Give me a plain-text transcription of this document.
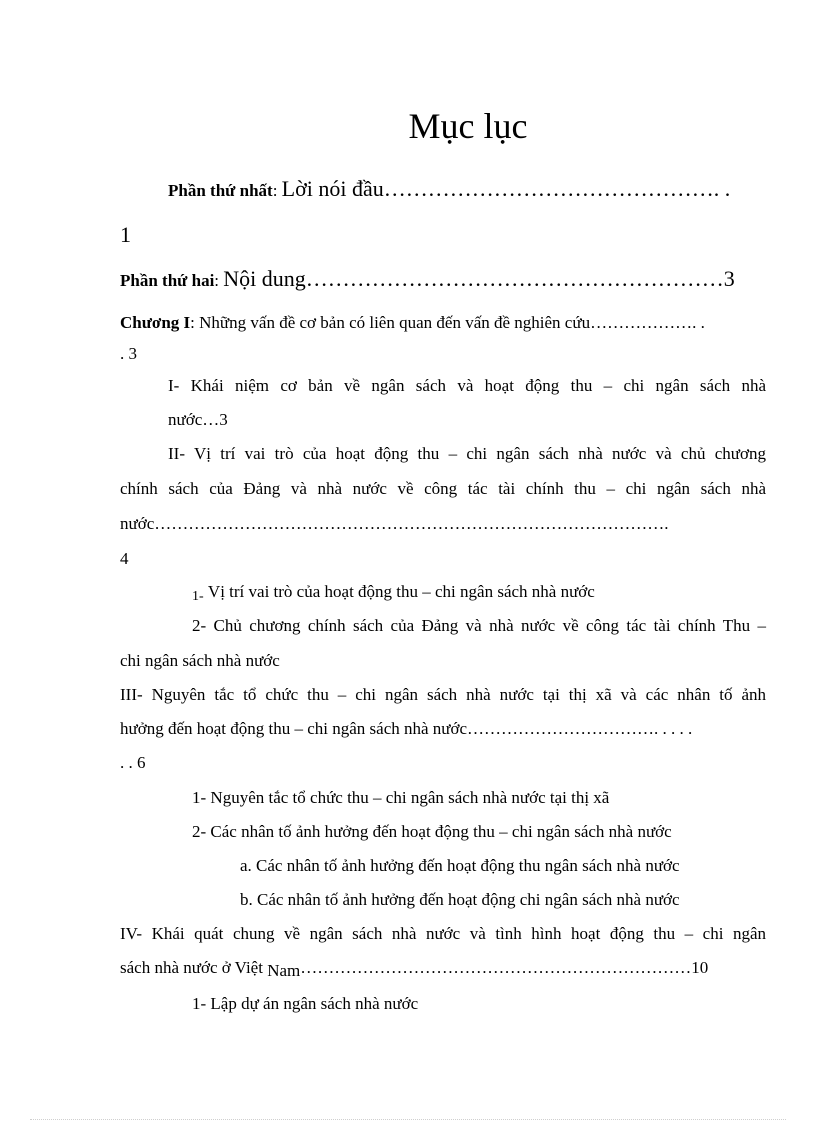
Mục lục
Phần thứ nhất: Lời nói đầu………………………………………. .
1
Phần thứ hai: Nội dung…………………………………………………3
Chương I: Những vấn đề cơ bản có liên quan đến vấn đề nghiên cứu………………. .
. 3
I- Khái niệm cơ bản về ngân sách và hoạt động thu – chi ngân sách nhà
nước…3
II- Vị trí vai trò của hoạt động thu – chi ngân sách nhà nước và chủ chương
chính sách của Đảng và nhà nước về công tác tài chính thu – chi ngân sách nhà
nước……………………………………………………………………………….
4
1- Vị trí vai trò của hoạt động thu – chi ngân sách nhà nước
2- Chủ chương chính sách của Đảng và nhà nước về công tác tài chính Thu –
chi ngân sách nhà nước
III- Nguyên tắc tổ chức thu – chi ngân sách nhà nước tại thị xã và các nhân tố ảnh
hưởng đến hoạt động thu – chi ngân sách nhà nước……………………………. . . . .
. . 6
1- Nguyên tắc tổ chức thu – chi ngân sách nhà nước tại thị xã
2- Các nhân tố ảnh hưởng đến hoạt động thu – chi ngân sách nhà nước
a. Các nhân tố ảnh hưởng đến hoạt động thu ngân sách nhà nước
b. Các nhân tố ảnh hưởng đến hoạt động chi ngân sách nhà nước
IV- Khái quát chung về ngân sách nhà nước và tình hình hoạt động thu – chi ngân
sách nhà nước ở Việt Nam……………………………………………………………10
1- Lập dự án ngân sách nhà nước
